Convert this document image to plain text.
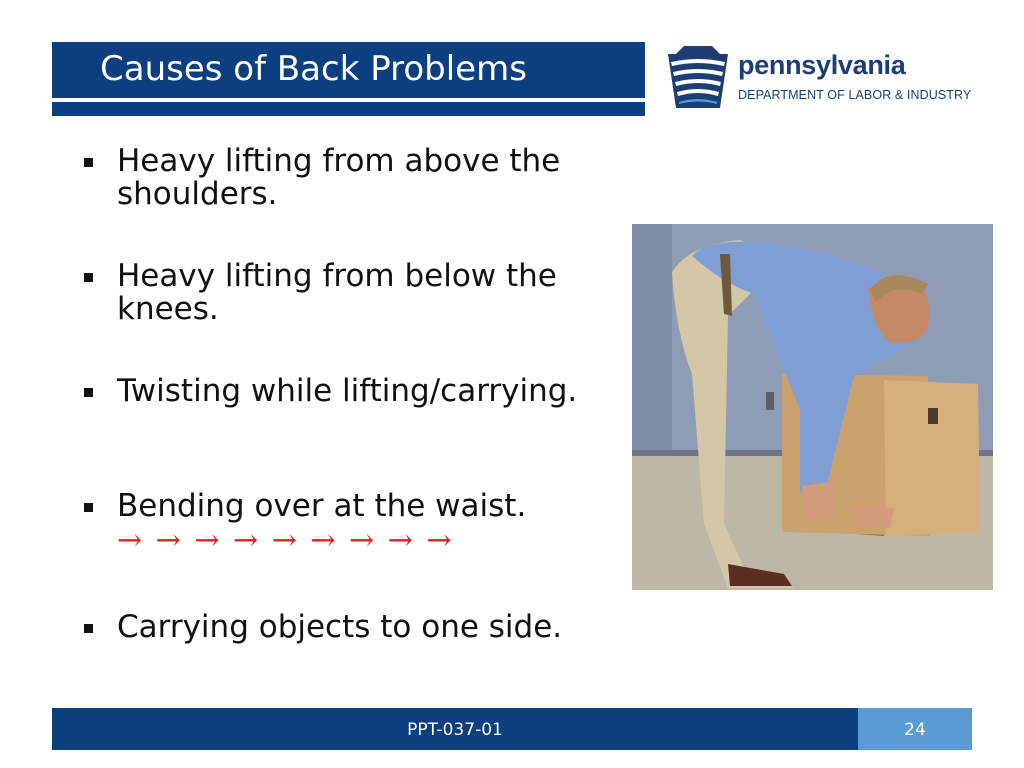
Causes of Back Problems	pennsylvania
DEPARTMENT OF LABOR & INDUSTRY
Heavy lifting from above the shoulders.
Heavy lifting from below the knees.
Twisting while lifting/carrying.
Bending over at the waist.
→ → → → → → → → →
Carrying objects to one side.
PPT-037-01	24
